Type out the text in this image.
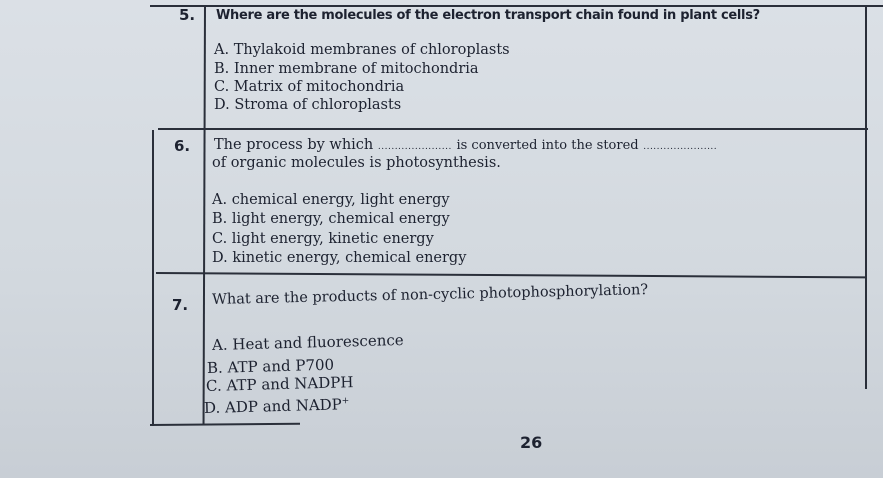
5. Where are the molecules of the electron transport chain found in plant cells?
A. Thylakoid membranes of chloroplasts
B. Inner membrane of mitochondria
C. Matrix of mitochondria
D. Stroma of chloroplasts
6. The process by which ...................... is converted into the stored ......................
of organic molecules is photosynthesis.
A. chemical energy, light energy
B. light energy, chemical energy
C. light energy, kinetic energy
D. kinetic energy, chemical energy
7. What are the products of non-cyclic photophosphorylation?
A. Heat and fluorescence
B. ATP and P700
C. ATP and NADPH
D. ADP and NADP+
26
